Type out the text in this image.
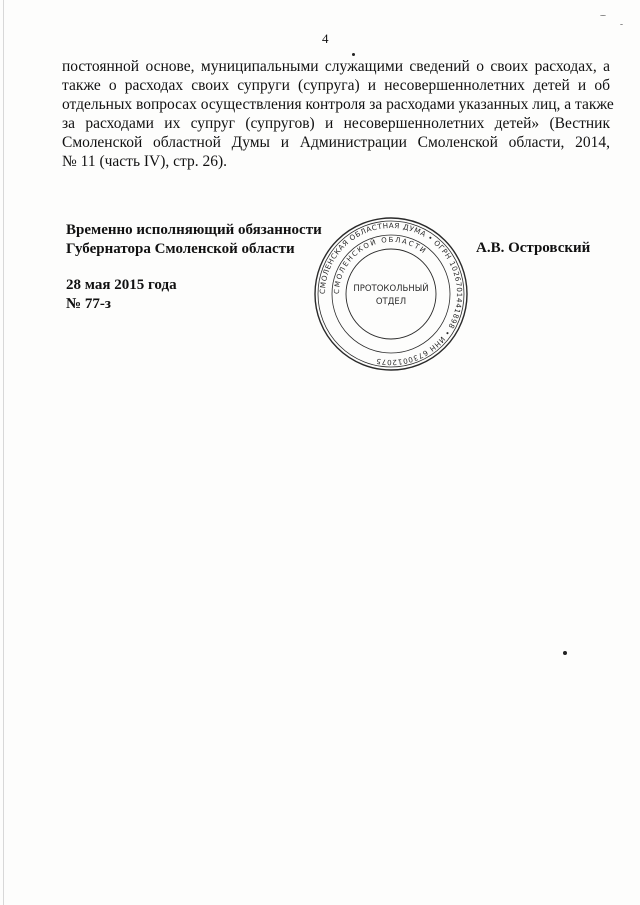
4
постоянной основе, муниципальными служащими сведений о своих расходах, а
также о расходах своих супруги (супруга) и несовершеннолетних детей и об
отдельных вопросах осуществления контроля за расходами указанных лиц, а также
за расходами их супруг (супругов) и несовершеннолетних детей» (Вестник
Смоленской областной Думы и Администрации Смоленской области, 2014,
№ 11 (часть IV), стр. 26).
Временно исполняющий обязанности
Губернатора Смоленской области	А.В. Островский
28 мая 2015 года
№ 77-з
СМОЛЕНСКАЯ ОБЛАСТНАЯ ДУМА • ОГРН 1026701441898 • ИНН 6730012075
СМОЛЕНСКОЙ ОБЛАСТИ
ПРОТОКОЛЬНЫЙ
ОТДЕЛ
